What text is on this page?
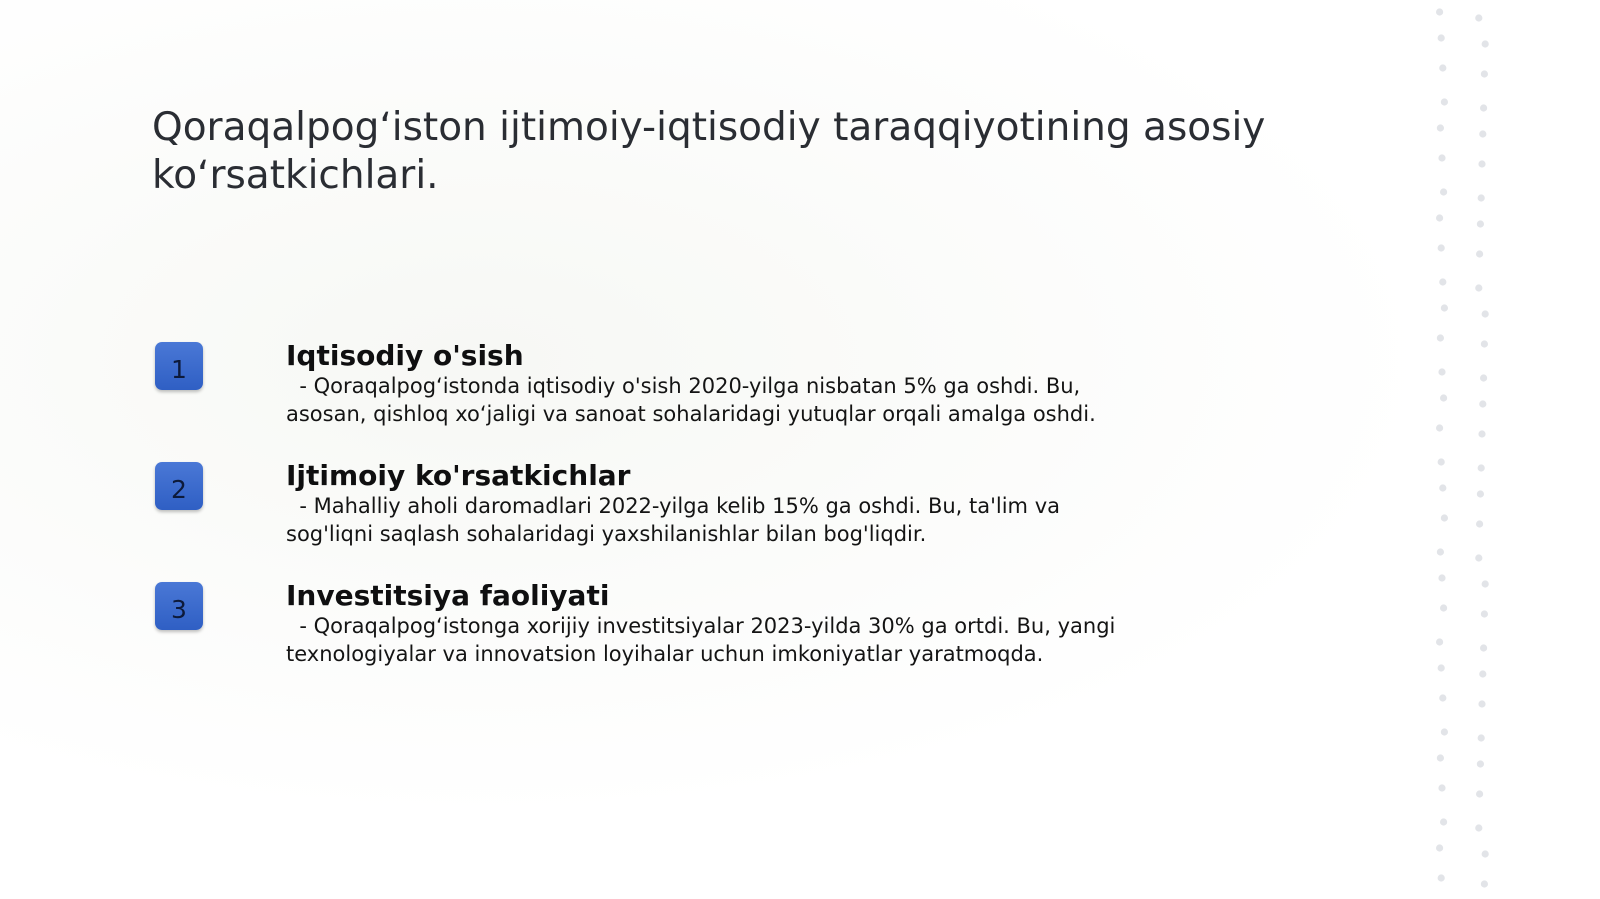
Qoraqalpog‘iston ijtimoiy-iqtisodiy taraqqiyotining asosiy ko‘rsatkichlari.
1	Iqtisodiy o'sish

- Qoraqalpog‘istonda iqtisodiy o'sish 2020-yilga nisbatan 5% ga oshdi. Bu, asosan, qishloq xo‘jaligi va sanoat sohalaridagi yutuqlar orqali amalga oshdi.

2	Ijtimoiy ko'rsatkichlar

- Mahalliy aholi daromadlari 2022-yilga kelib 15% ga oshdi. Bu, ta'lim va sog'liqni saqlash sohalaridagi yaxshilanishlar bilan bog'liqdir.

3	Investitsiya faoliyati

- Qoraqalpog‘istonga xorijiy investitsiyalar 2023-yilda 30% ga ortdi. Bu, yangi texnologiyalar va innovatsion loyihalar uchun imkoniyatlar yaratmoqda.
